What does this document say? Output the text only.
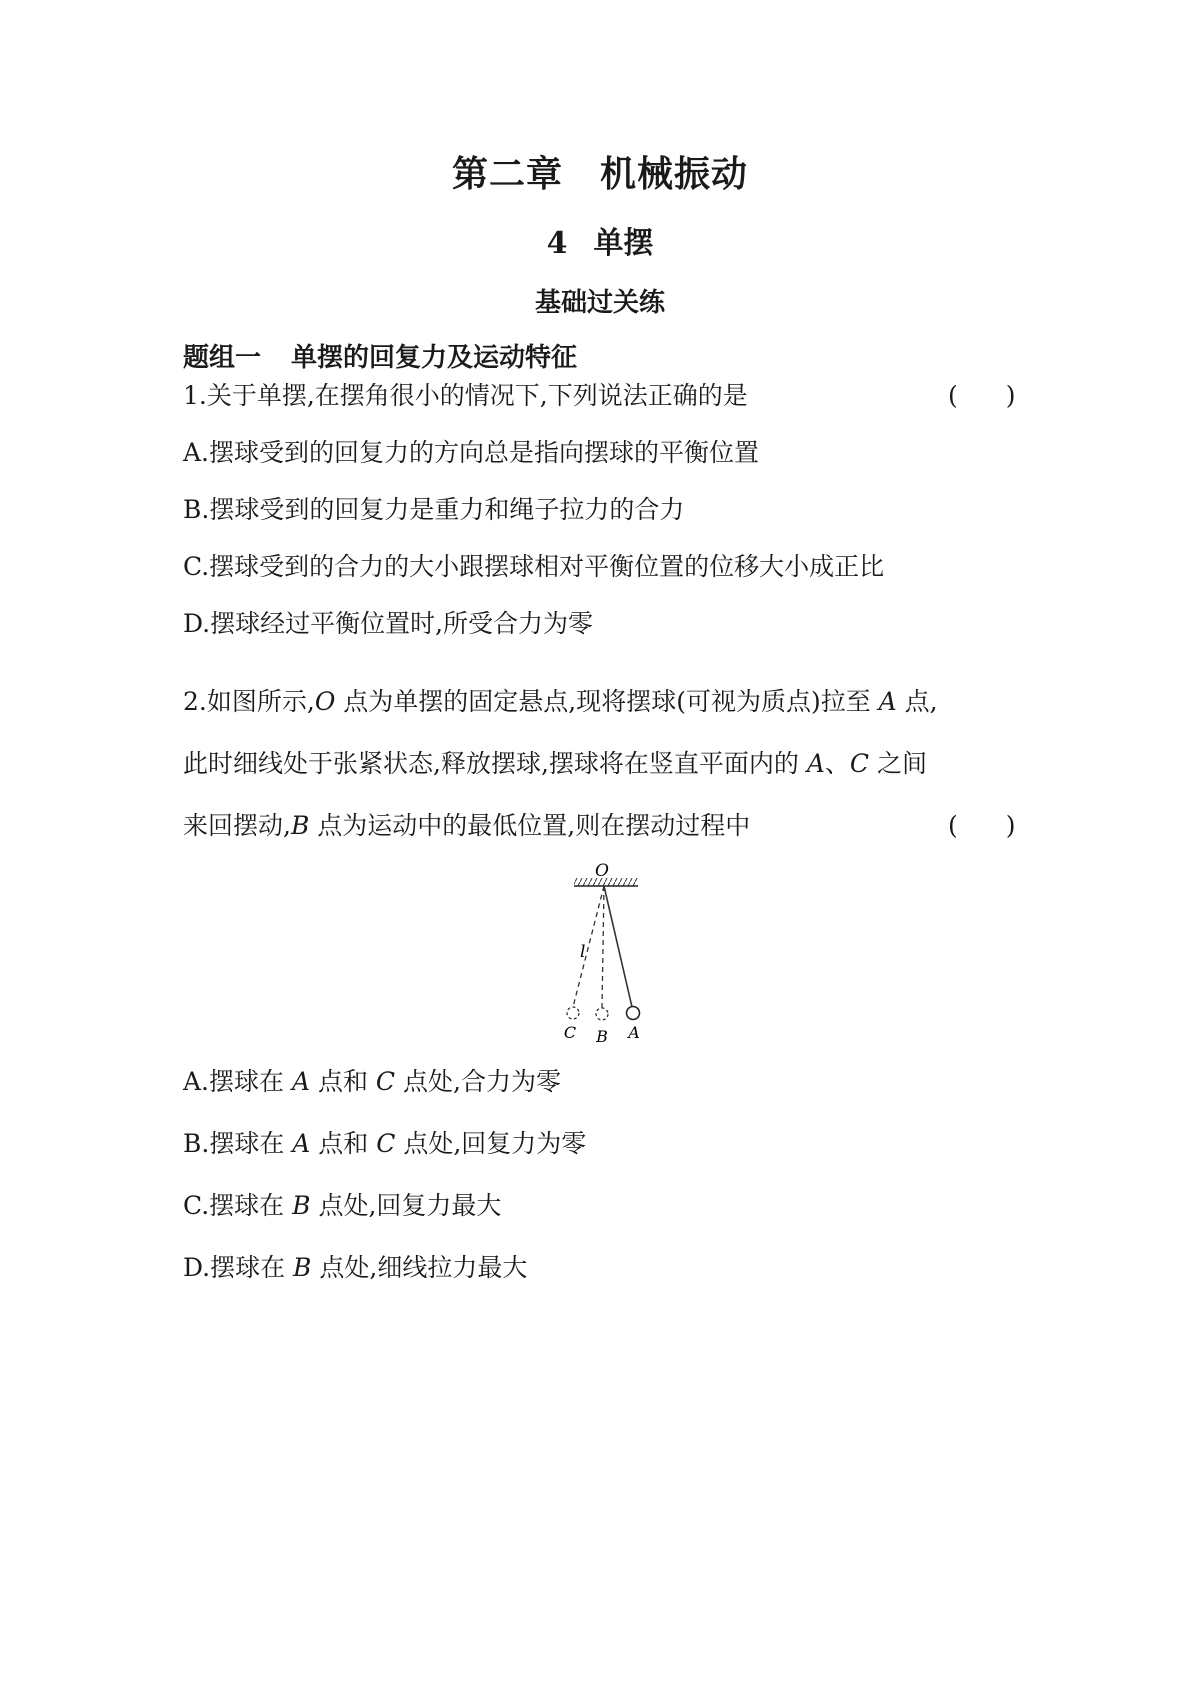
第二章　机械振动
4 单摆
基础过关练
题组一 单摆的回复力及运动特征
1.关于单摆,在摆角很小的情况下,下列说法正确的是	( )
A.摆球受到的回复力的方向总是指向摆球的平衡位置
B.摆球受到的回复力是重力和绳子拉力的合力
C.摆球受到的合力的大小跟摆球相对平衡位置的位移大小成正比
D.摆球经过平衡位置时,所受合力为零
2.如图所示,O 点为单摆的固定悬点,现将摆球(可视为质点)拉至 A 点,
此时细线处于张紧状态,释放摆球,摆球将在竖直平面内的 A、C 之间
来回摆动,B 点为运动中的最低位置,则在摆动过程中	( )
O
l
C B A
A.摆球在 A 点和 C 点处,合力为零
B.摆球在 A 点和 C 点处,回复力为零
C.摆球在 B 点处,回复力最大
D.摆球在 B 点处,细线拉力最大
